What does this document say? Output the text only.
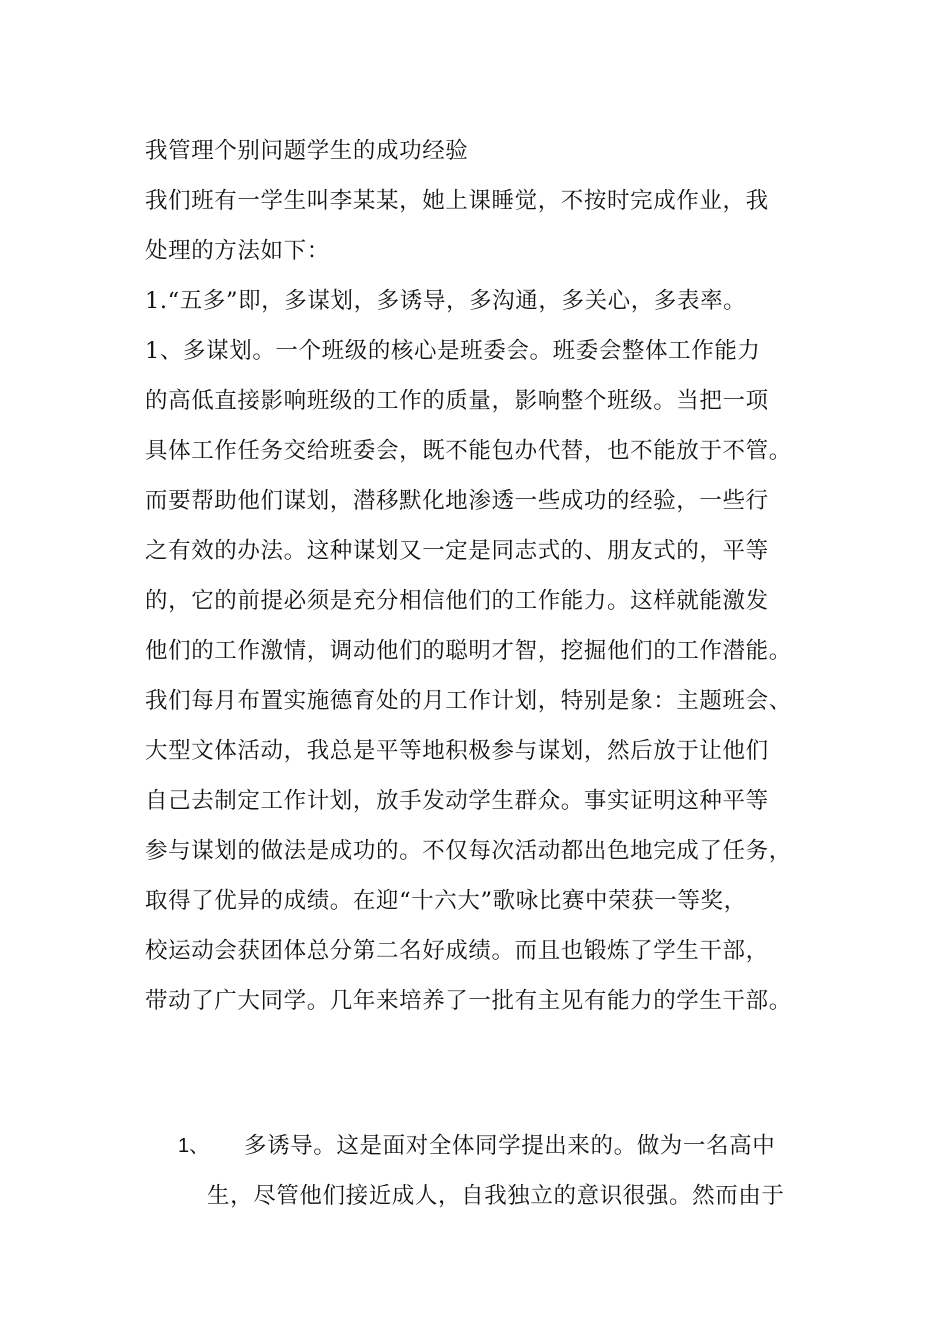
我管理个别问题学生的成功经验
我们班有一学生叫李某某，她上课睡觉，不按时完成作业，我
处理的方法如下：
1.“五多”即，多谋划，多诱导，多沟通，多关心，多表率。
1、多谋划。一个班级的核心是班委会。班委会整体工作能力
的高低直接影响班级的工作的质量，影响整个班级。当把一项
具体工作任务交给班委会，既不能包办代替，也不能放于不管。
而要帮助他们谋划，潜移默化地渗透一些成功的经验，一些行
之有效的办法。这种谋划又一定是同志式的、朋友式的，平等
的，它的前提必须是充分相信他们的工作能力。这样就能激发
他们的工作激情，调动他们的聪明才智，挖掘他们的工作潜能。
我们每月布置实施德育处的月工作计划，特别是象：主题班会、
大型文体活动，我总是平等地积极参与谋划，然后放于让他们
自己去制定工作计划，放手发动学生群众。事实证明这种平等
参与谋划的做法是成功的。不仅每次活动都出色地完成了任务，
取得了优异的成绩。在迎“十六大”歌咏比赛中荣获一等奖，
校运动会获团体总分第二名好成绩。而且也锻炼了学生干部，
带动了广大同学。几年来培养了一批有主见有能力的学生干部。
1、 多诱导。这是面对全体同学提出来的。做为一名高中
生，尽管他们接近成人，自我独立的意识很强。然而由于
